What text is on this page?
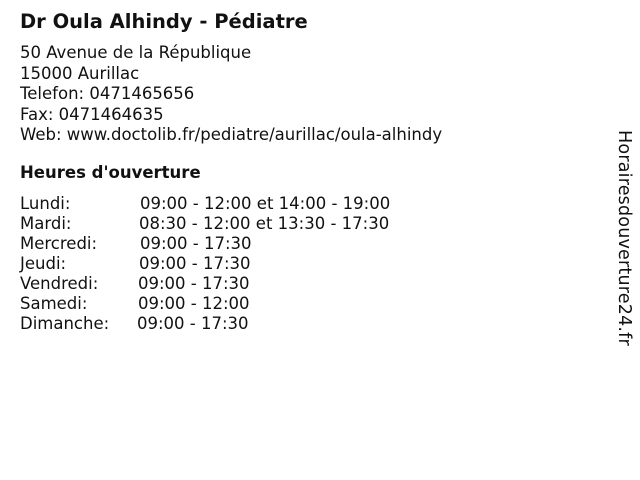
Dr Oula Alhindy - Pédiatre
50 Avenue de la République
15000 Aurillac
Telefon: 0471465656
Fax: 0471464635
Web: www.doctolib.fr/pediatre/aurillac/oula-alhindy
Heures d'ouverture
Lundi:	09:00 - 12:00 et 14:00 - 19:00
Mardi:	08:30 - 12:00 et 13:30 - 17:30
Mercredi:	09:00 - 17:30
Jeudi:	09:00 - 17:30
Vendredi: 09:00 - 17:30
Samedi:	09:00 - 12:00
Dimanche: 09:00 - 17:30	Horairesdouverture24.fr
